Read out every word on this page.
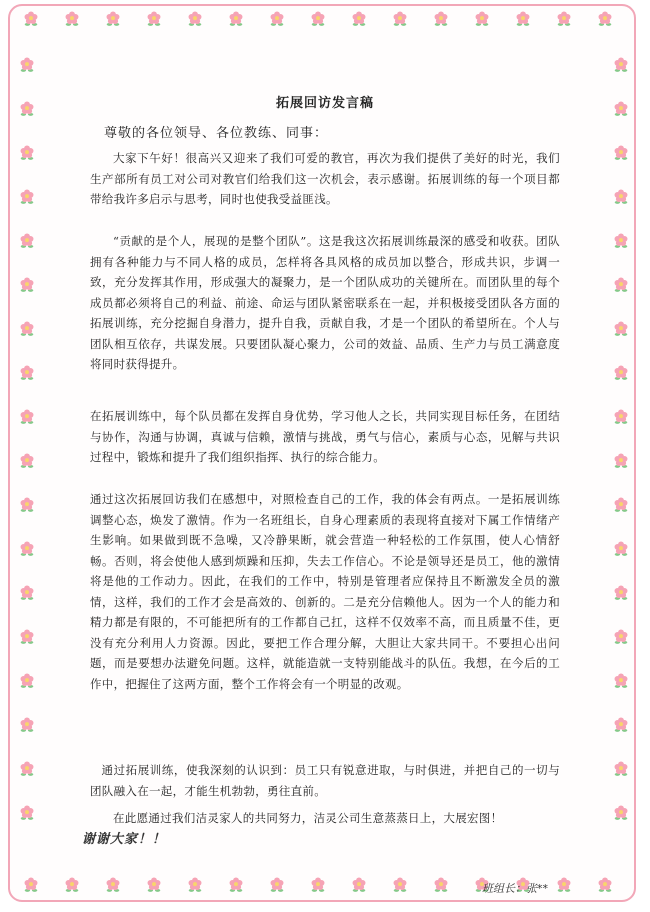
拓展回访发言稿
尊敬的各位领导、各位教练、同事：

大家下午好！很高兴又迎来了我们可爱的教官，再次为我们提供了美好的时光，我们生产部所有员工对公司对教官们给我们这一次机会，表示感谢。拓展训练的每一个项目都带给我许多启示与思考，同时也使我受益匪浅。

“贡献的是个人，展现的是整个团队”。这是我这次拓展训练最深的感受和收获。团队拥有各种能力与不同人格的成员，怎样将各具风格的成员加以整合，形成共识，步调一致，充分发挥其作用，形成强大的凝聚力，是一个团队成功的关键所在。而团队里的每个成员都必须将自己的利益、前途、命运与团队紧密联系在一起，并积极接受团队各方面的拓展训练，充分挖掘自身潜力，提升自我，贡献自我，才是一个团队的希望所在。个人与团队相互依存，共谋发展。只要团队凝心聚力，公司的效益、品质、生产力与员工满意度将同时获得提升。

在拓展训练中，每个队员都在发挥自身优势，学习他人之长，共同实现目标任务，在团结与协作，沟通与协调，真诚与信赖，激情与挑战，勇气与信心，素质与心态，见解与共识过程中，锻炼和提升了我们组织指挥、执行的综合能力。

通过这次拓展回访我们在感想中，对照检查自己的工作，我的体会有两点。一是拓展训练调整心态，焕发了激情。作为一名班组长，自身心理素质的表现将直接对下属工作情绪产生影响。如果做到既不急噪，又冷静果断，就会营造一种轻松的工作氛围，使人心情舒畅。否则，将会使他人感到烦躁和压抑，失去工作信心。不论是领导还是员工，他的激情将是他的工作动力。因此，在我们的工作中，特别是管理者应保持且不断激发全员的激情，这样，我们的工作才会是高效的、创新的。二是充分信赖他人。因为一个人的能力和精力都是有限的，不可能把所有的工作都自己扛，这样不仅效率不高，而且质量不佳，更没有充分利用人力资源。因此，要把工作合理分解，大胆让大家共同干。不要担心出问题，而是要想办法避免问题。这样，就能造就一支特别能战斗的队伍。我想，在今后的工作中，把握住了这两方面，整个工作将会有一个明显的改观。

通过拓展训练，使我深刻的认识到：员工只有锐意进取，与时俱进，并把自己的一切与团队融入在一起，才能生机勃勃，勇往直前。

在此愿通过我们洁灵家人的共同努力，洁灵公司生意蒸蒸日上，大展宏图！

谢谢大家！！
班组长：张**
